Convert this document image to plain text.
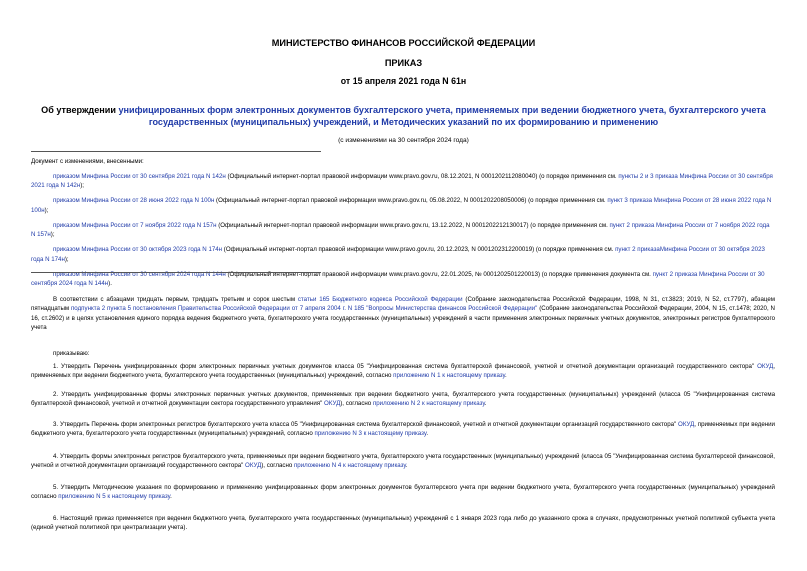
МИНИСТЕРСТВО ФИНАНСОВ РОССИЙСКОЙ ФЕДЕРАЦИИ
ПРИКАЗ
от 15 апреля 2021 года N 61н
Об утверждении унифицированных форм электронных документов бухгалтерского учета, применяемых при ведении бюджетного учета, бухгалтерского учета государственных (муниципальных) учреждений, и Методических указаний по их формированию и применению
(с изменениями на 30 сентября 2024 года)

Документ с изменениями, внесенными:

приказом Минфина России от 30 сентября 2021 года N 142н (Официальный интернет-портал правовой информации www.pravo.gov.ru, 08.12.2021, N 0001202112080040) (о порядке применения см. пункты 2 и 3 приказа Минфина России от 30 сентября 2021 года N 142н);

приказом Минфина России от 28 июня 2022 года N 100н (Официальный интернет-портал правовой информации www.pravo.gov.ru, 05.08.2022, N 0001202208050006) (о порядке применения см. пункт 3 приказа Минфина России от 28 июня 2022 года N 100н);

приказом Минфина России от 7 ноября 2022 года N 157н (Официальный интернет-портал правовой информации www.pravo.gov.ru, 13.12.2022, N 0001202212130017) (о порядке применения см. пункт 2 приказа Минфина России от 7 ноября 2022 года N 157н);

приказом Минфина России от 30 октября 2023 года N 174н (Официальный интернет-портал правовой информации www.pravo.gov.ru, 20.12.2023, N 0001202312200019) (о порядке применения см. пункт 2 приказаМинфина России от 30 октября 2023 года N 174н);

приказом Минфина России от 30 сентября 2024 года N 144н (Официальный интернет-портал правовой информации www.pravo.gov.ru, 22.01.2025, № 0001202501220013) (о порядке применения документа см. пункт 2 приказа Минфина России от 30 сентября 2024 года N 144н).

В соответствии с абзацами тридцать первым, тридцать третьим и сорок шестым статьи 165 Бюджетного кодекса Российской Федерации (Собрание законодательства Российской Федерации, 1998, N 31, ст.3823; 2019, N 52, ст.7797), абзацем пятнадцатым подпункта 2 пункта 5 постановления Правительства Российской Федерации от 7 апреля 2004 г. N 185 "Вопросы Министерства финансов Российской Федерации" (Собрание законодательства Российской Федерации, 2004, N 15, ст.1478; 2020, N 16, ст.2602) и в целях установления единого порядка ведения бюджетного учета, бухгалтерского учета государственных (муниципальных) учреждений в части применения электронных первичных учетных документов, электронных регистров бухгалтерского учета

приказываю:

1. Утвердить Перечень унифицированных форм электронных первичных учетных документов класса 05 "Унифицированная система бухгалтерской финансовой, учетной и отчетной документации организаций государственного сектора" ОКУД, применяемых при ведении бюджетного учета, бухгалтерского учета государственных (муниципальных) учреждений, согласно приложению N 1 к настоящему приказу.

2. Утвердить унифицированные формы электронных первичных учетных документов, применяемых при ведении бюджетного учета, бухгалтерского учета государственных (муниципальных) учреждений (класса 05 "Унифицированная система бухгалтерской финансовой, учетной и отчетной документации сектора государственного управления" ОКУД), согласно приложению N 2 к настоящему приказу.

3. Утвердить Перечень форм электронных регистров бухгалтерского учета класса 05 "Унифицированная система бухгалтерской финансовой, учетной и отчетной документации организаций государственного сектора" ОКУД, применяемых при ведении бюджетного учета, бухгалтерского учета государственных (муниципальных) учреждений, согласно приложению N 3 к настоящему приказу.

4. Утвердить формы электронных регистров бухгалтерского учета, применяемых при ведении бюджетного учета, бухгалтерского учета государственных (муниципальных) учреждений (класса 05 "Унифицированная система бухгалтерской финансовой, учетной и отчетной документации организаций государственного сектора" ОКУД), согласно приложению N 4 к настоящему приказу.

5. Утвердить Методические указания по формированию и применению унифицированных форм электронных документов бухгалтерского учета при ведении бюджетного учета, бухгалтерского учета государственных (муниципальных) учреждений согласно приложению N 5 к настоящему приказу.

6. Настоящий приказ применяется при ведении бюджетного учета, бухгалтерского учета государственных (муниципальных) учреждений с 1 января 2023 года либо до указанного срока в случаях, предусмотренных учетной политикой субъекта учета (единой учетной политикой при централизации учета).
